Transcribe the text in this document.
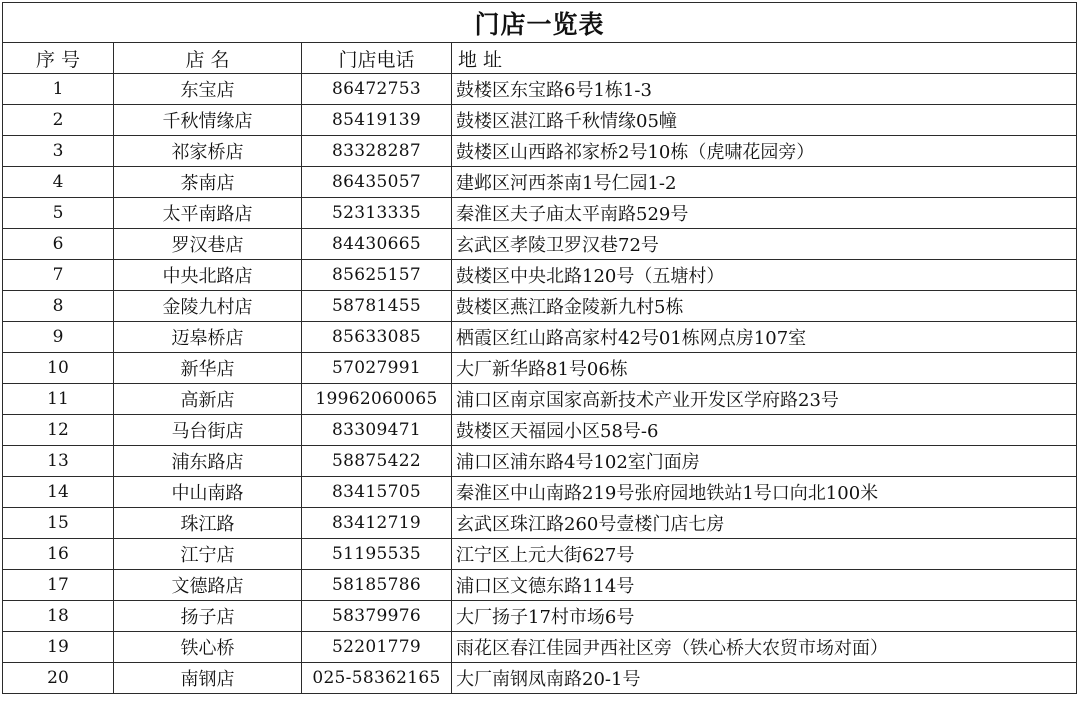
门店一览表			
序 号	店 名	门店电话	地 址
1	东宝店	86472753	鼓楼区东宝路6号1栋1-3
2	千秋情缘店	85419139	鼓楼区湛江路千秋情缘05幢
3	祁家桥店	83328287	鼓楼区山西路祁家桥2号10栋（虎啸花园旁）
4	茶南店	86435057	建邺区河西茶南1号仁园1-2
5	太平南路店	52313335	秦淮区夫子庙太平南路529号
6	罗汉巷店	84430665	玄武区孝陵卫罗汉巷72号
7	中央北路店	85625157	鼓楼区中央北路120号（五塘村）
8	金陵九村店	58781455	鼓楼区燕江路金陵新九村5栋
9	迈皋桥店	85633085	栖霞区红山路高家村42号01栋网点房107室
10	新华店	57027991	大厂新华路81号06栋
11	高新店	19962060065	浦口区南京国家高新技术产业开发区学府路23号
12	马台街店	83309471	鼓楼区天福园小区58号-6
13	浦东路店	58875422	浦口区浦东路4号102室门面房
14	中山南路	83415705	秦淮区中山南路219号张府园地铁站1号口向北100米
15	珠江路	83412719	玄武区珠江路260号壹楼门店七房
16	江宁店	51195535	江宁区上元大街627号
17	文德路店	58185786	浦口区文德东路114号
18	扬子店	58379976	大厂扬子17村市场6号
19	铁心桥	52201779	雨花区春江佳园尹西社区旁（铁心桥大农贸市场对面）
20	南钢店	025-58362165	大厂南钢凤南路20-1号
